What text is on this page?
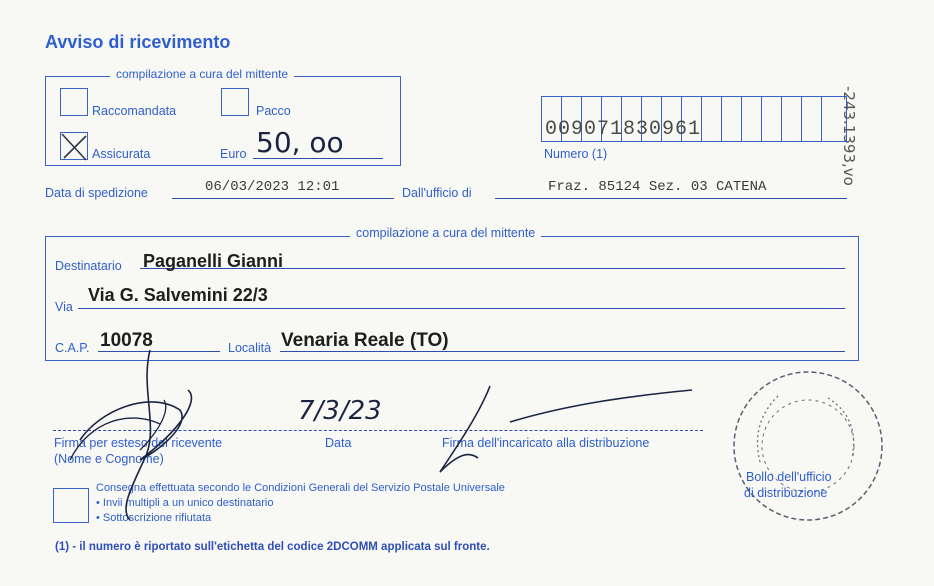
Avviso di ricevimento
-243.1393,vo
compilazione a cura del mittente
Raccomandata	Pacco
Assicurata	Euro 50, oo	009071830961
Numero (1)
Data di spedizione	06/03/2023 12:01	Dall'ufficio di	Fraz. 85124 Sez. 03 CATENA
compilazione a cura del mittente
Destinatario Paganelli Gianni
Via
Via G. Salvemini 22/3
C.A.P. 10078	Località Venaria Reale (TO)
Firma per esteso del ricevente
(Nome e Cognome)
Data
7/3/23
Firma dell'incaricato alla distribuzione
Bollo dell'ufficio
di distribuzione
Consegna effettuata secondo le Condizioni Generali del Servizio Postale Universale
• Invii multipli a un unico destinatario
• Sottoscrizione rifiutata
(1) - il numero è riportato sull'etichetta del codice 2DCOMM applicata sul fronte.
